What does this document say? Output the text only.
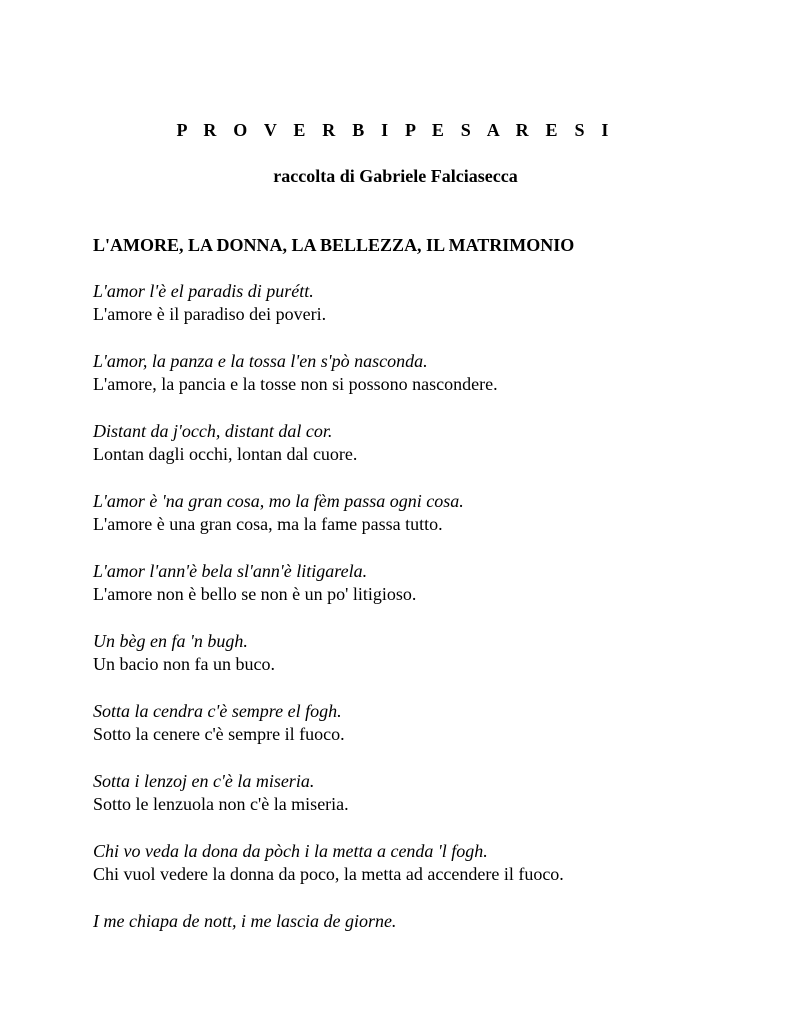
P R O V E R B I P E S A R E S I
raccolta di Gabriele Falciasecca
L'AMORE, LA DONNA, LA BELLEZZA, IL MATRIMONIO
L'amor l'è el paradis di purétt.
L'amore è il paradiso dei poveri.
L'amor, la panza e la tossa l'en s'pò nasconda.
L'amore, la pancia e la tosse non si possono nascondere.
Distant da j'occh, distant dal cor.
Lontan dagli occhi, lontan dal cuore.
L'amor è 'na gran cosa, mo la fèm passa ogni cosa.
L'amore è una gran cosa, ma la fame passa tutto.
L'amor l'ann'è bela sl'ann'è litigarela.
L'amore non è bello se non è un po' litigioso.
Un bèg en fa 'n bugh.
Un bacio non fa un buco.
Sotta la cendra c'è sempre el fogh.
Sotto la cenere c'è sempre il fuoco.
Sotta i lenzoj en c'è la miseria.
Sotto le lenzuola non c'è la miseria.
Chi vo veda la dona da pòch i la metta a cenda 'l fogh.
Chi vuol vedere la donna da poco, la metta ad accendere il fuoco.
I me chiapa de nott, i me lascia de giorne.
